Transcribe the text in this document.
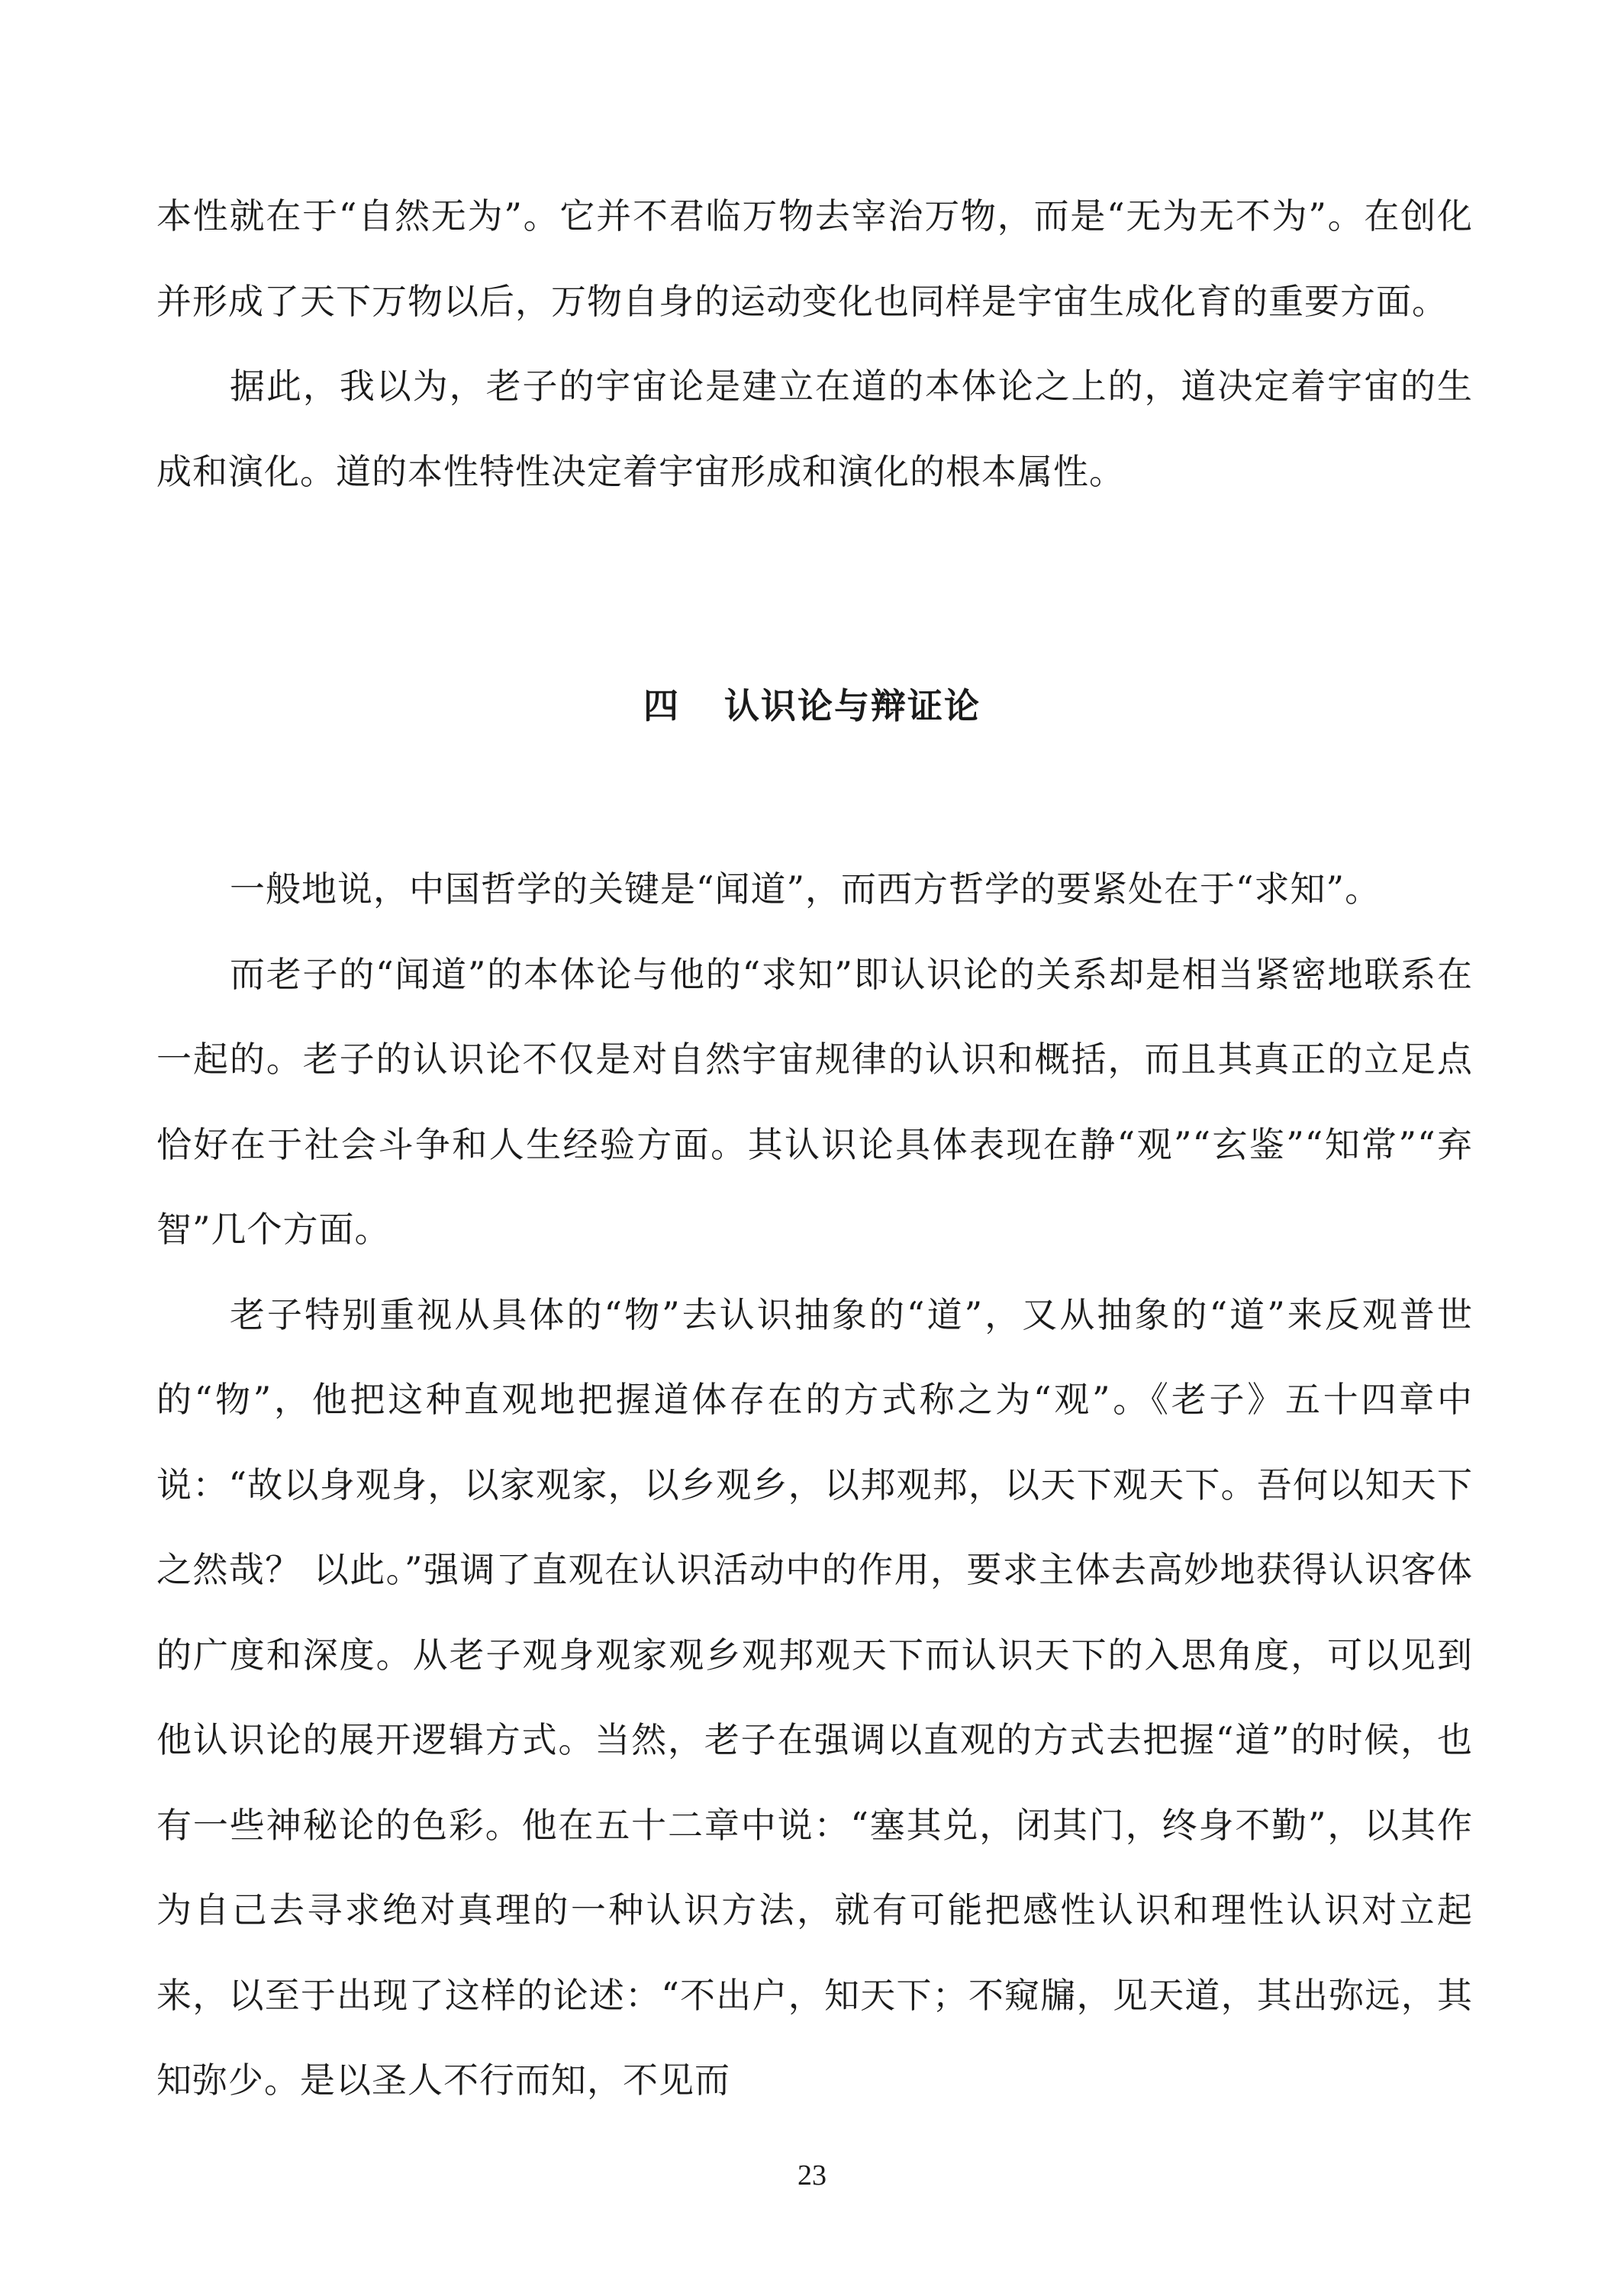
本性就在于“自然无为”。它并不君临万物去宰治万物，而是“无为无不为”。在创化并形成了天下万物以后，万物自身的运动变化也同样是宇宙生成化育的重要方面。

据此，我以为，老子的宇宙论是建立在道的本体论之上的，道决定着宇宙的生成和演化。道的本性特性决定着宇宙形成和演化的根本属性。

四 认识论与辩证论

一般地说，中国哲学的关键是“闻道”，而西方哲学的要紧处在于“求知”。

而老子的“闻道”的本体论与他的“求知”即认识论的关系却是相当紧密地联系在一起的。老子的认识论不仅是对自然宇宙规律的认识和概括，而且其真正的立足点恰好在于社会斗争和人生经验方面。其认识论具体表现在静“观”“玄鉴”“知常”“弃智”几个方面。

老子特别重视从具体的“物”去认识抽象的“道”，又从抽象的“道”来反观普世的“物”，他把这种直观地把握道体存在的方式称之为“观”。《老子》五十四章中说：“故以身观身，以家观家，以乡观乡，以邦观邦，以天下观天下。吾何以知天下之然哉？ 以此。”强调了直观在认识活动中的作用，要求主体去高妙地获得认识客体的广度和深度。从老子观身观家观乡观邦观天下而认识天下的入思角度，可以见到他认识论的展开逻辑方式。当然，老子在强调以直观的方式去把握“道”的时候，也有一些神秘论的色彩。他在五十二章中说：“塞其兑，闭其门，终身不勤”，以其作为自己去寻求绝对真理的一种认识方法，就有可能把感性认识和理性认识对立起来，以至于出现了这样的论述：“不出户，知天下；不窥牖，见天道，其出弥远，其知弥少。是以圣人不行而知，不见而

23
